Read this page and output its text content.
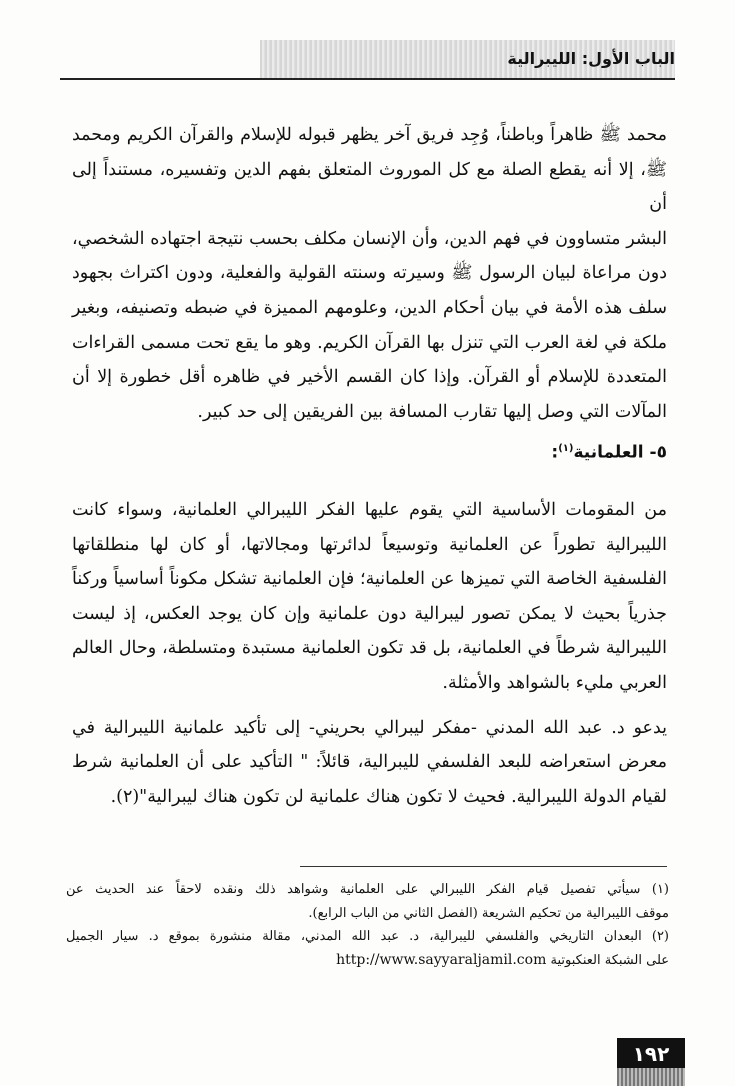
الباب الأول: الليبرالية

محمد ﷺ ظاهراً وباطناً، وُجِد فريق آخر يظهر قبوله للإسلام والقرآن الكريم ومحمد

ﷺ، إلا أنه يقطع الصلة مع كل الموروث المتعلق بفهم الدين وتفسيره، مستنداً إلى أن

البشر متساوون في فهم الدين، وأن الإنسان مكلف بحسب نتيجة اجتهاده الشخصي،

دون مراعاة لبيان الرسول ﷺ وسيرته وسنته القولية والفعلية، ودون اكتراث بجهود

سلف هذه الأمة في بيان أحكام الدين، وعلومهم المميزة في ضبطه وتصنيفه، وبغير

ملكة في لغة العرب التي تنزل بها القرآن الكريم. وهو ما يقع تحت مسمى القراءات

المتعددة للإسلام أو القرآن. وإذا كان القسم الأخير في ظاهره أقل خطورة إلا أن

المآلات التي وصل إليها تقارب المسافة بين الفريقين إلى حد كبير.

٥- العلمانية$^{(١)}$:

من المقومات الأساسية التي يقوم عليها الفكر الليبرالي العلمانية، وسواء كانت

الليبرالية تطوراً عن العلمانية وتوسيعاً لدائرتها ومجالاتها، أو كان لها منطلقاتها

الفلسفية الخاصة التي تميزها عن العلمانية؛ فإن العلمانية تشكل مكوناً أساسياً وركناً

جذرياً بحيث لا يمكن تصور ليبرالية دون علمانية وإن كان يوجد العكس، إذ ليست

الليبرالية شرطاً في العلمانية، بل قد تكون العلمانية مستبدة ومتسلطة، وحال العالم

العربي مليء بالشواهد والأمثلة.

يدعو د. عبد الله المدني -مفكر ليبرالي بحريني- إلى تأكيد علمانية الليبرالية في

معرض استعراضه للبعد الفلسفي لليبرالية، قائلاً: " التأكيد على أن العلمانية شرط

لقيام الدولة الليبرالية. فحيث لا تكون هناك علمانية لن تكون هناك ليبرالية"(٢).

(١) سيأتي تفصيل قيام الفكر الليبرالي على العلمانية وشواهد ذلك ونقده لاحقاً عند الحديث عن

موقف الليبرالية من تحكيم الشريعة (الفصل الثاني من الباب الرابع).

(٢) البعدان التاريخي والفلسفي لليبرالية، د. عبد الله المدني، مقالة منشورة بموقع د. سيار الجميل

على الشبكة العنكبوتية http://www.sayyaraljamil.com

١٩٢
